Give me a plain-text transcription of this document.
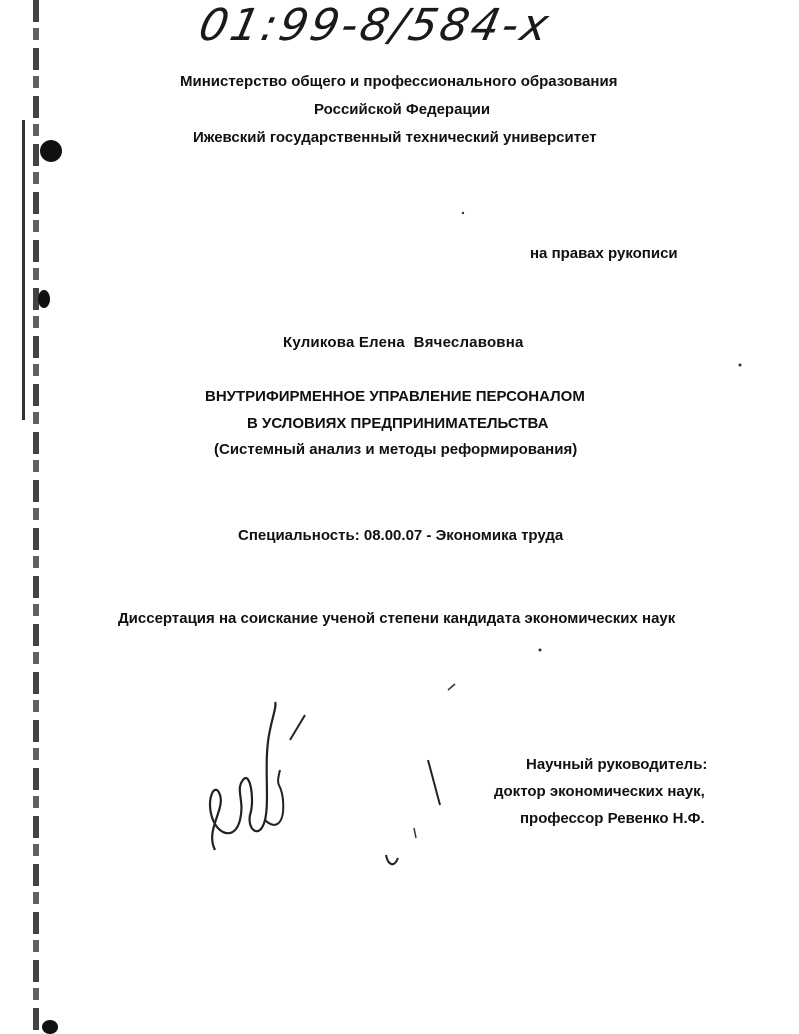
01:99-8/584-x
Министерство общего и профессионального образования
Российской Федерации
Ижевский государственный технический университет
на правах рукописи
Куликова Елена  Вячеславовна
ВНУТРИФИРМЕННОЕ УПРАВЛЕНИЕ ПЕРСОНАЛОМ
В УСЛОВИЯХ ПРЕДПРИНИМАТЕЛЬСТВА
(Системный анализ и методы реформирования)
Специальность: 08.00.07 - Экономика труда
Диссертация на соискание ученой степени кандидата экономических наук
Научный руководитель:
доктор экономических наук,
профессор Ревенко Н.Ф.
